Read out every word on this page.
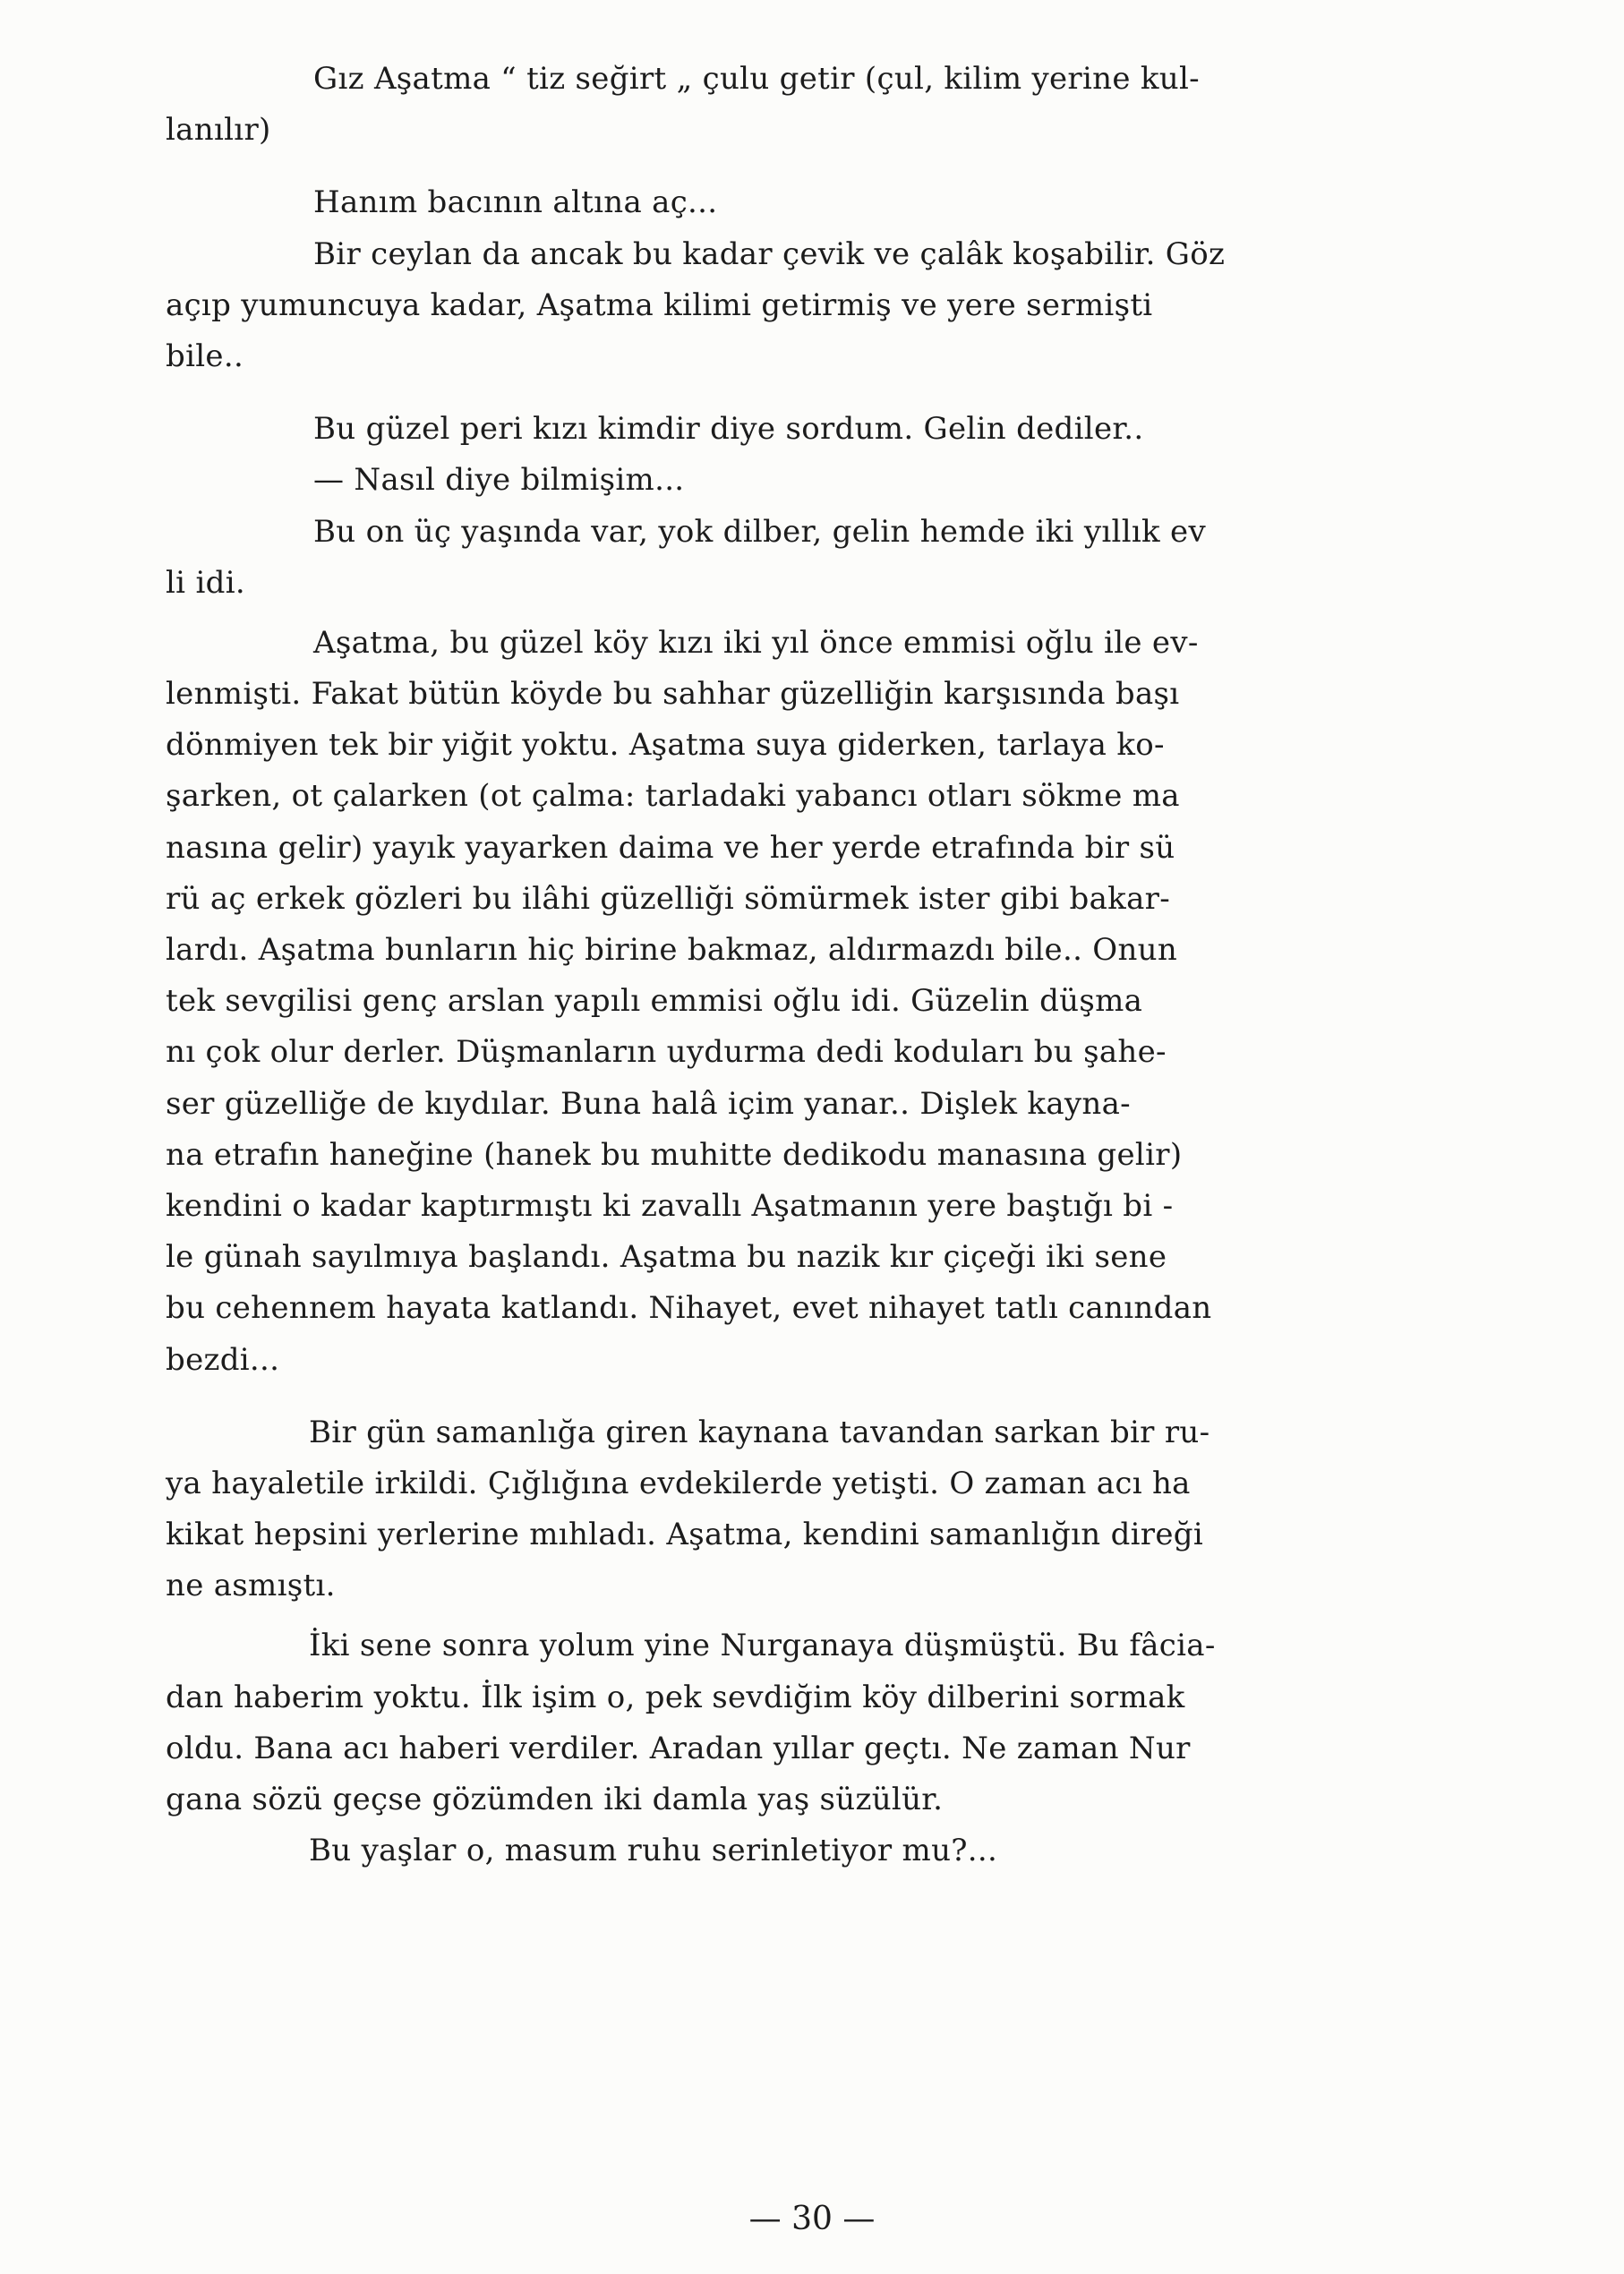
Gız Aşatma “ tiz seğirt „ çulu getir (çul, kilim yerine kul-
lanılır)
Hanım bacının altına aç...
Bir ceylan da ancak bu kadar çevik ve çalâk koşabilir. Göz
açıp yumuncuya kadar, Aşatma kilimi getirmiş ve yere sermişti
bile..
Bu güzel peri kızı kimdir diye sordum. Gelin dediler..
— Nasıl diye bilmişim...
Bu on üç yaşında var, yok dilber, gelin hemde iki yıllık ev
li idi.
Aşatma, bu güzel köy kızı iki yıl önce emmisi oğlu ile ev-
lenmişti. Fakat bütün köyde bu sahhar güzelliğin karşısında başı
dönmiyen tek bir yiğit yoktu. Aşatma suya giderken, tarlaya ko-
şarken, ot çalarken (ot çalma: tarladaki yabancı otları sökme ma
nasına gelir) yayık yayarken daima ve her yerde etrafında bir sü
rü aç erkek gözleri bu ilâhi güzelliği sömürmek ister gibi bakar-
lardı. Aşatma bunların hiç birine bakmaz, aldırmazdı bile.. Onun
tek sevgilisi genç arslan yapılı emmisi oğlu idi. Güzelin düşma
nı çok olur derler. Düşmanların uydurma dedi koduları bu şahe-
ser güzelliğe de kıydılar. Buna halâ içim yanar.. Dişlek kayna-
na etrafın haneğine (hanek bu muhitte dedikodu manasına gelir)
kendini o kadar kaptırmıştı ki zavallı Aşatmanın yere baştığı bi -
le günah sayılmıya başlandı. Aşatma bu nazik kır çiçeği iki sene
bu cehennem hayata katlandı. Nihayet, evet nihayet tatlı canından
bezdi...
Bir gün samanlığa giren kaynana tavandan sarkan bir ru-
ya hayaletile irkildi. Çığlığına evdekilerde yetişti. O zaman acı ha
kikat hepsini yerlerine mıhladı. Aşatma, kendini samanlığın direği
ne asmıştı.
İki sene sonra yolum yine Nurganaya düşmüştü. Bu fâcia-
dan haberim yoktu. İlk işim o, pek sevdiğim köy dilberini sormak
oldu. Bana acı haberi verdiler. Aradan yıllar geçtı. Ne zaman Nur
gana sözü geçse gözümden iki damla yaş süzülür.
Bu yaşlar o, masum ruhu serinletiyor mu?...
— 30 —
